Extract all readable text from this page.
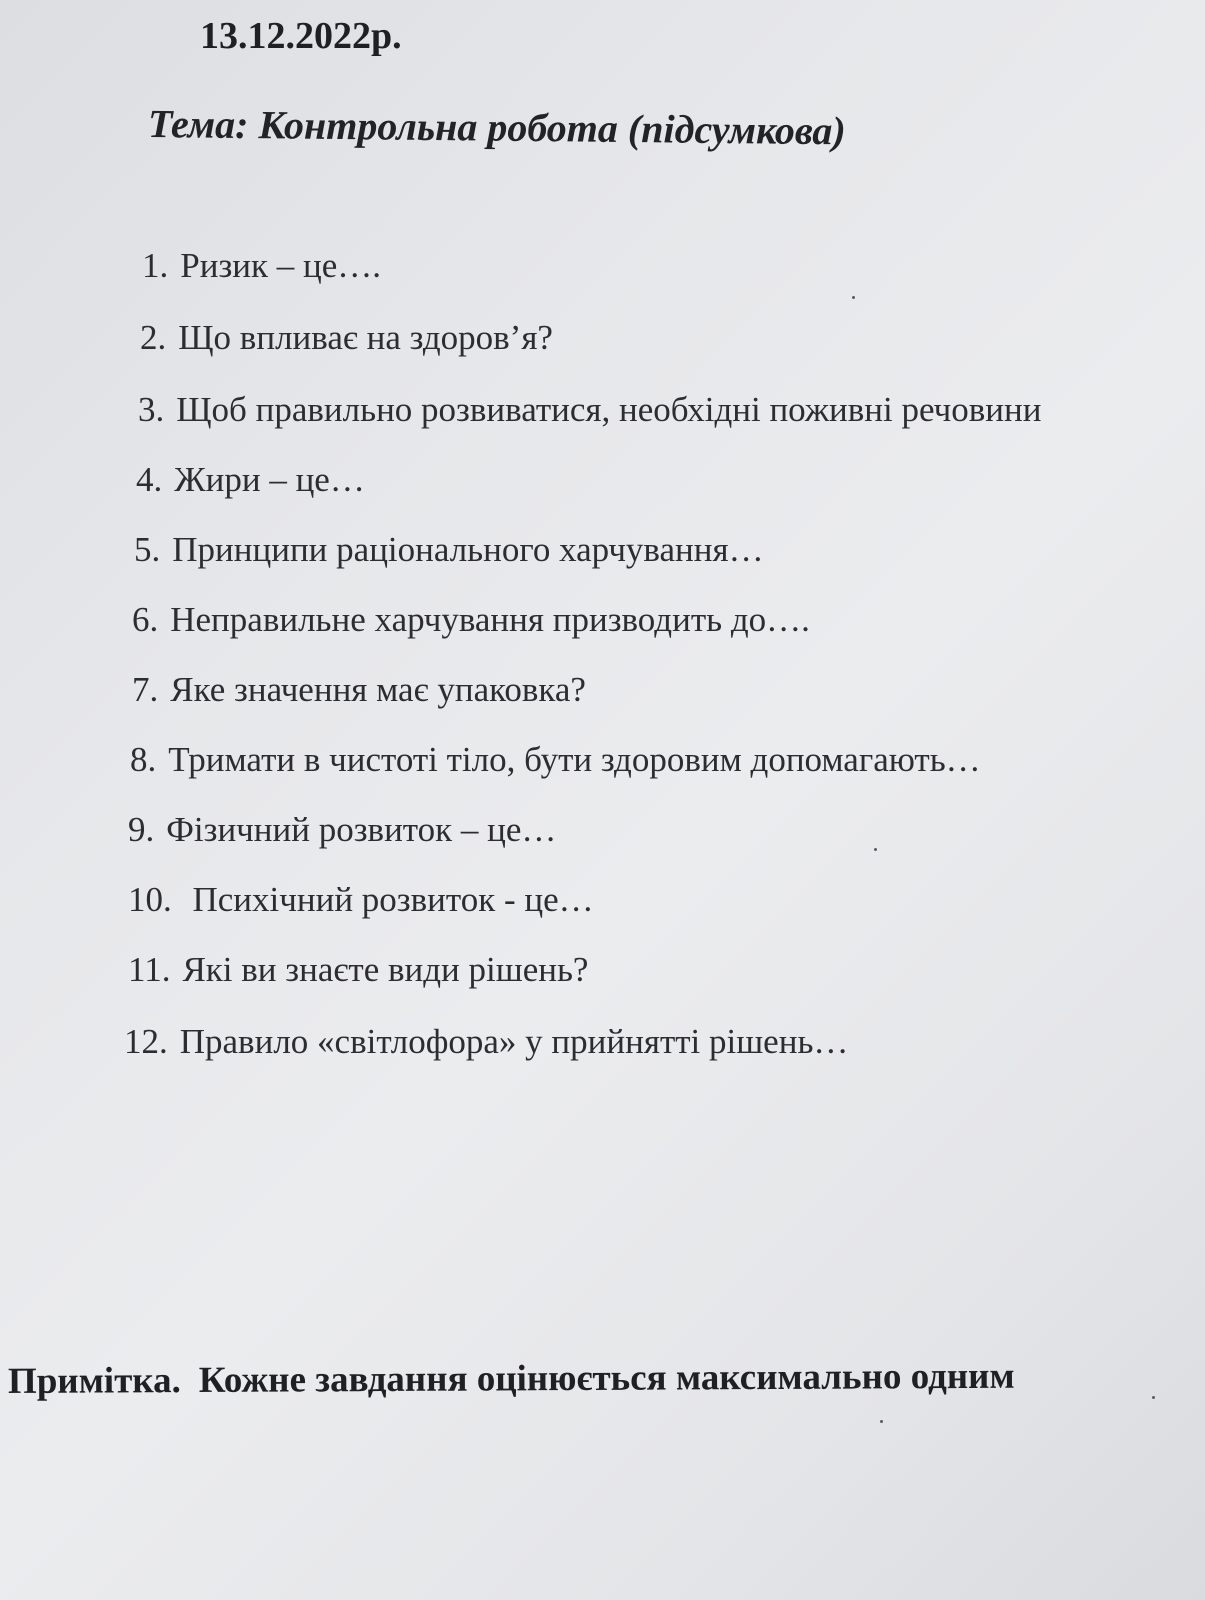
13.12.2022р.
Тема: Контрольна робота (підсумкова)
1. Ризик – це….
2. Що впливає на здоров’я?
3. Щоб правильно розвиватися, необхідні поживні речовини
4. Жири – це…
5. Принципи раціонального харчування…
6. Неправильне харчування призводить до….
7. Яке значення має упаковка?
8. Тримати в чистоті тіло, бути здоровим допомагають…
9. Фізичний розвиток – це…
10. Психічний розвиток - це…
11. Які ви знаєте види рішень?
12. Правило «світлофора» у прийнятті рішень…
Примітка. Кожне завдання оцінюється максимально одним
